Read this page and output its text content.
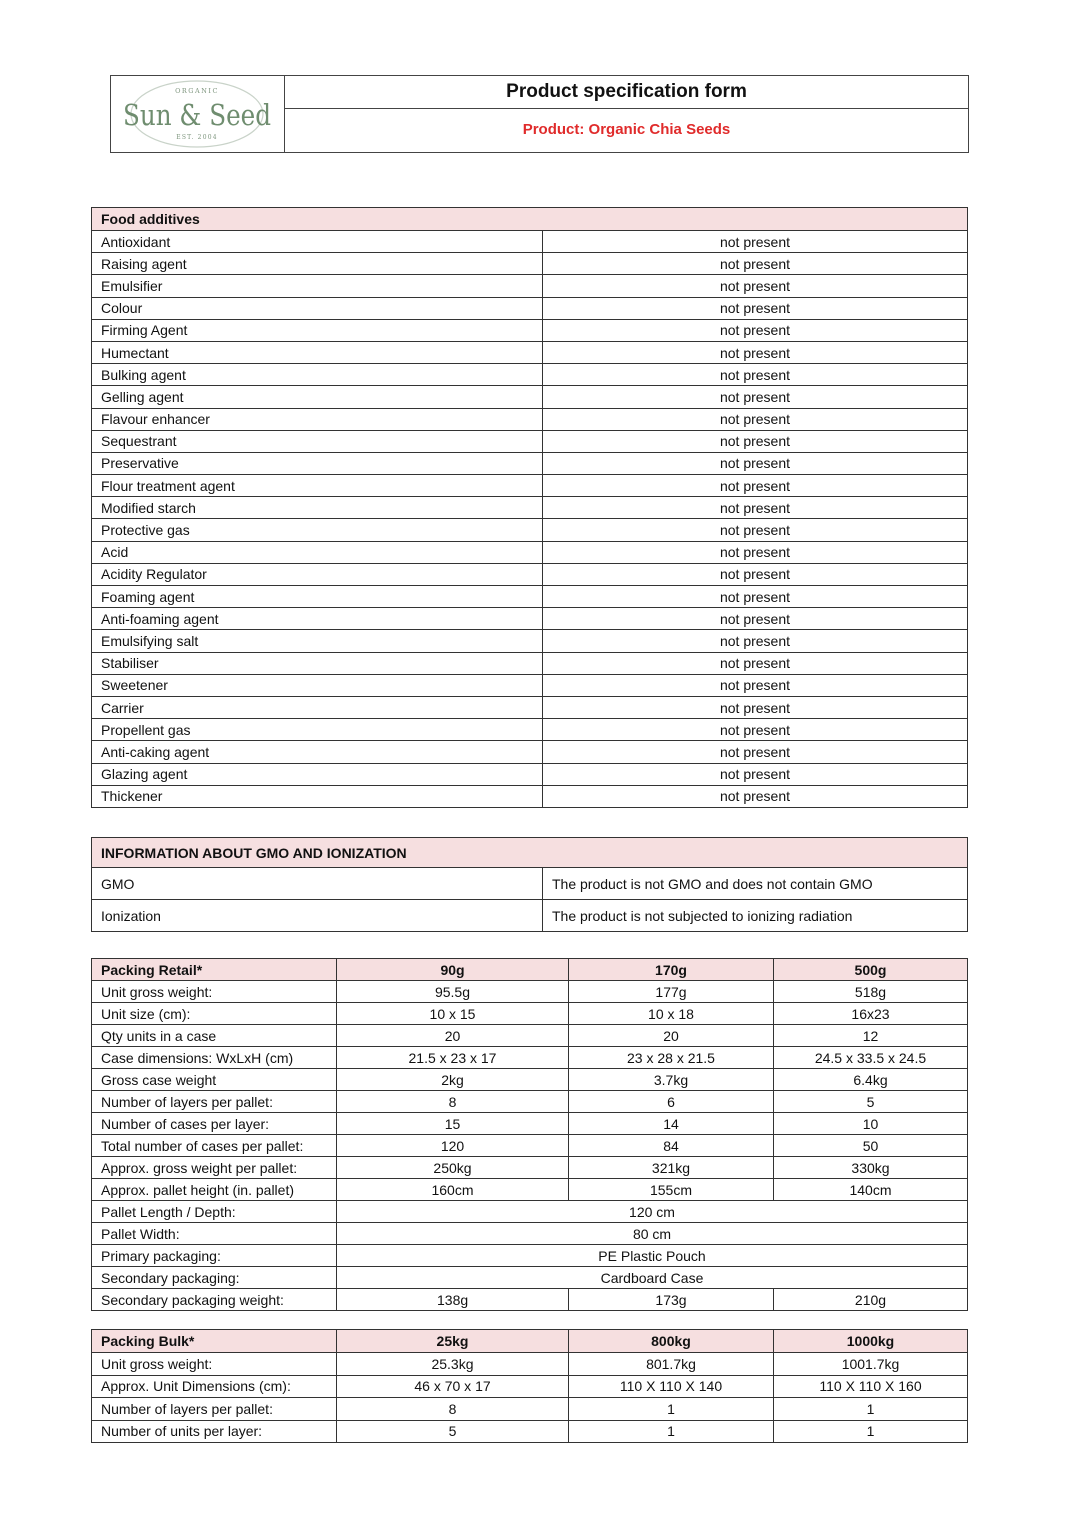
ORGANIC
Sun & Seed
EST. 2004
Product specification form
Product: Organic Chia Seeds
Food additives	
Antioxidant	not present
Raising agent	not present
Emulsifier	not present
Colour	not present
Firming Agent	not present
Humectant	not present
Bulking agent	not present
Gelling agent	not present
Flavour enhancer	not present
Sequestrant	not present
Preservative	not present
Flour treatment agent	not present
Modified starch	not present
Protective gas	not present
Acid	not present
Acidity Regulator	not present
Foaming agent	not present
Anti-foaming agent	not present
Emulsifying salt	not present
Stabiliser	not present
Sweetener	not present
Carrier	not present
Propellent gas	not present
Anti-caking agent	not present
Glazing agent	not present
Thickener	not present
INFORMATION ABOUT GMO AND IONIZATION	
GMO	The product is not GMO and does not contain GMO
Ionization	The product is not subjected to ionizing radiation
Packing Retail*	90g	170g	500g
Unit gross weight:	95.5g	177g	518g
Unit size (cm):	10 x 15	10 x 18	16x23
Qty units in a case	20	20	12
Case dimensions: WxLxH (cm)	21.5 x 23 x 17	23 x 28 x 21.5	24.5 x 33.5 x 24.5
Gross case weight	2kg	3.7kg	6.4kg
Number of layers per pallet:	8	6	5
Number of cases per layer:	15	14	10
Total number of cases per pallet:	120	84	50
Approx. gross weight per pallet:	250kg	321kg	330kg
Approx. pallet height (in. pallet)	160cm	155cm	140cm
Pallet Length / Depth:	120 cm		
Pallet Width:	80 cm		
Primary packaging:	PE Plastic Pouch		
Secondary packaging:	Cardboard Case		
Secondary packaging weight:	138g	173g	210g
Packing Bulk*	25kg	800kg	1000kg
Unit gross weight:	25.3kg	801.7kg	1001.7kg
Approx. Unit Dimensions (cm):	46 x 70 x 17	110 X 110 X 140	110 X 110 X 160
Number of layers per pallet:	8	1	1
Number of units per layer:	5	1	1
